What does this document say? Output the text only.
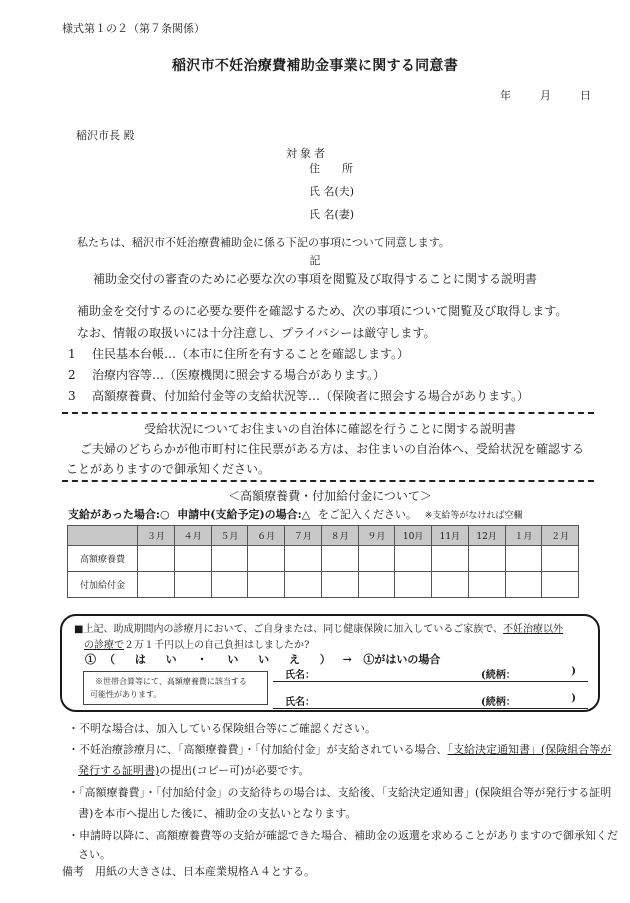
様式第１の２（第７条関係）
稲沢市不妊治療費補助金事業に関する同意書
年	月	日
稲沢市長 殿
対象者
住　　所
氏 名(夫)
氏 名(妻)
私たちは、稲沢市不妊治療費補助金に係る下記の事項について同意します。
記
補助金交付の審査のために必要な次の事項を閲覧及び取得することに関する説明書
補助金を交付するのに必要な要件を確認するため、次の事項について閲覧及び取得します。
なお、情報の取扱いには十分注意し、プライバシーは厳守します。
1 住民基本台帳…（本市に住所を有することを確認します。）
2 治療内容等…（医療機関に照会する場合があります。）
3 高額療養費、付加給付金等の支給状況等…（保険者に照会する場合があります。）
受給状況についてお住まいの自治体に確認を行うことに関する説明書
ご夫婦のどちらかが他市町村に住民票がある方は、お住まいの自治体へ、受給状況を確認する
ことがありますので御承知ください。
＜高額療養費・付加給付金について＞
支給があった場合:○ 申請中(支給予定)の場合:△ をご記入ください。 ※支給等がなければ空欄
	３月	４月	５月	６月	７月	８月	９月	10月	11月	12月	１月	２月
高額療養費												
付加給付金												
■上記、助成期間内の診療月において、ご自身または、同じ健康保険に加入しているご家族で、不妊治療以外
の診療で２万１千円以上の自己負担はしましたか?
①（ は い ・ い い え ） → ①がはいの場合
※世帯合算等にて、高額療養費に該当する
可能性があります。
氏名：	(続柄：	)
氏名：	(続柄：	)
・不明な場合は、加入している保険組合等にご確認ください。
・不妊治療診療月に、「高額療養費」・「付加給付金」が支給されている場合、「支給決定通知書」(保険組合等が
発行する証明書)の提出(コピー可)が必要です。
・「高額療養費」・「付加給付金」の支給待ちの場合は、支給後、「支給決定通知書」(保険組合等が発行する証明
書)を本市へ提出した後に、補助金の支払いとなります。
・申請時以降に、高額療養費等の支給が確認できた場合、補助金の返還を求めることがありますので御承知くだ
さい。
備考　用紙の大きさは、日本産業規格Ａ４とする。
